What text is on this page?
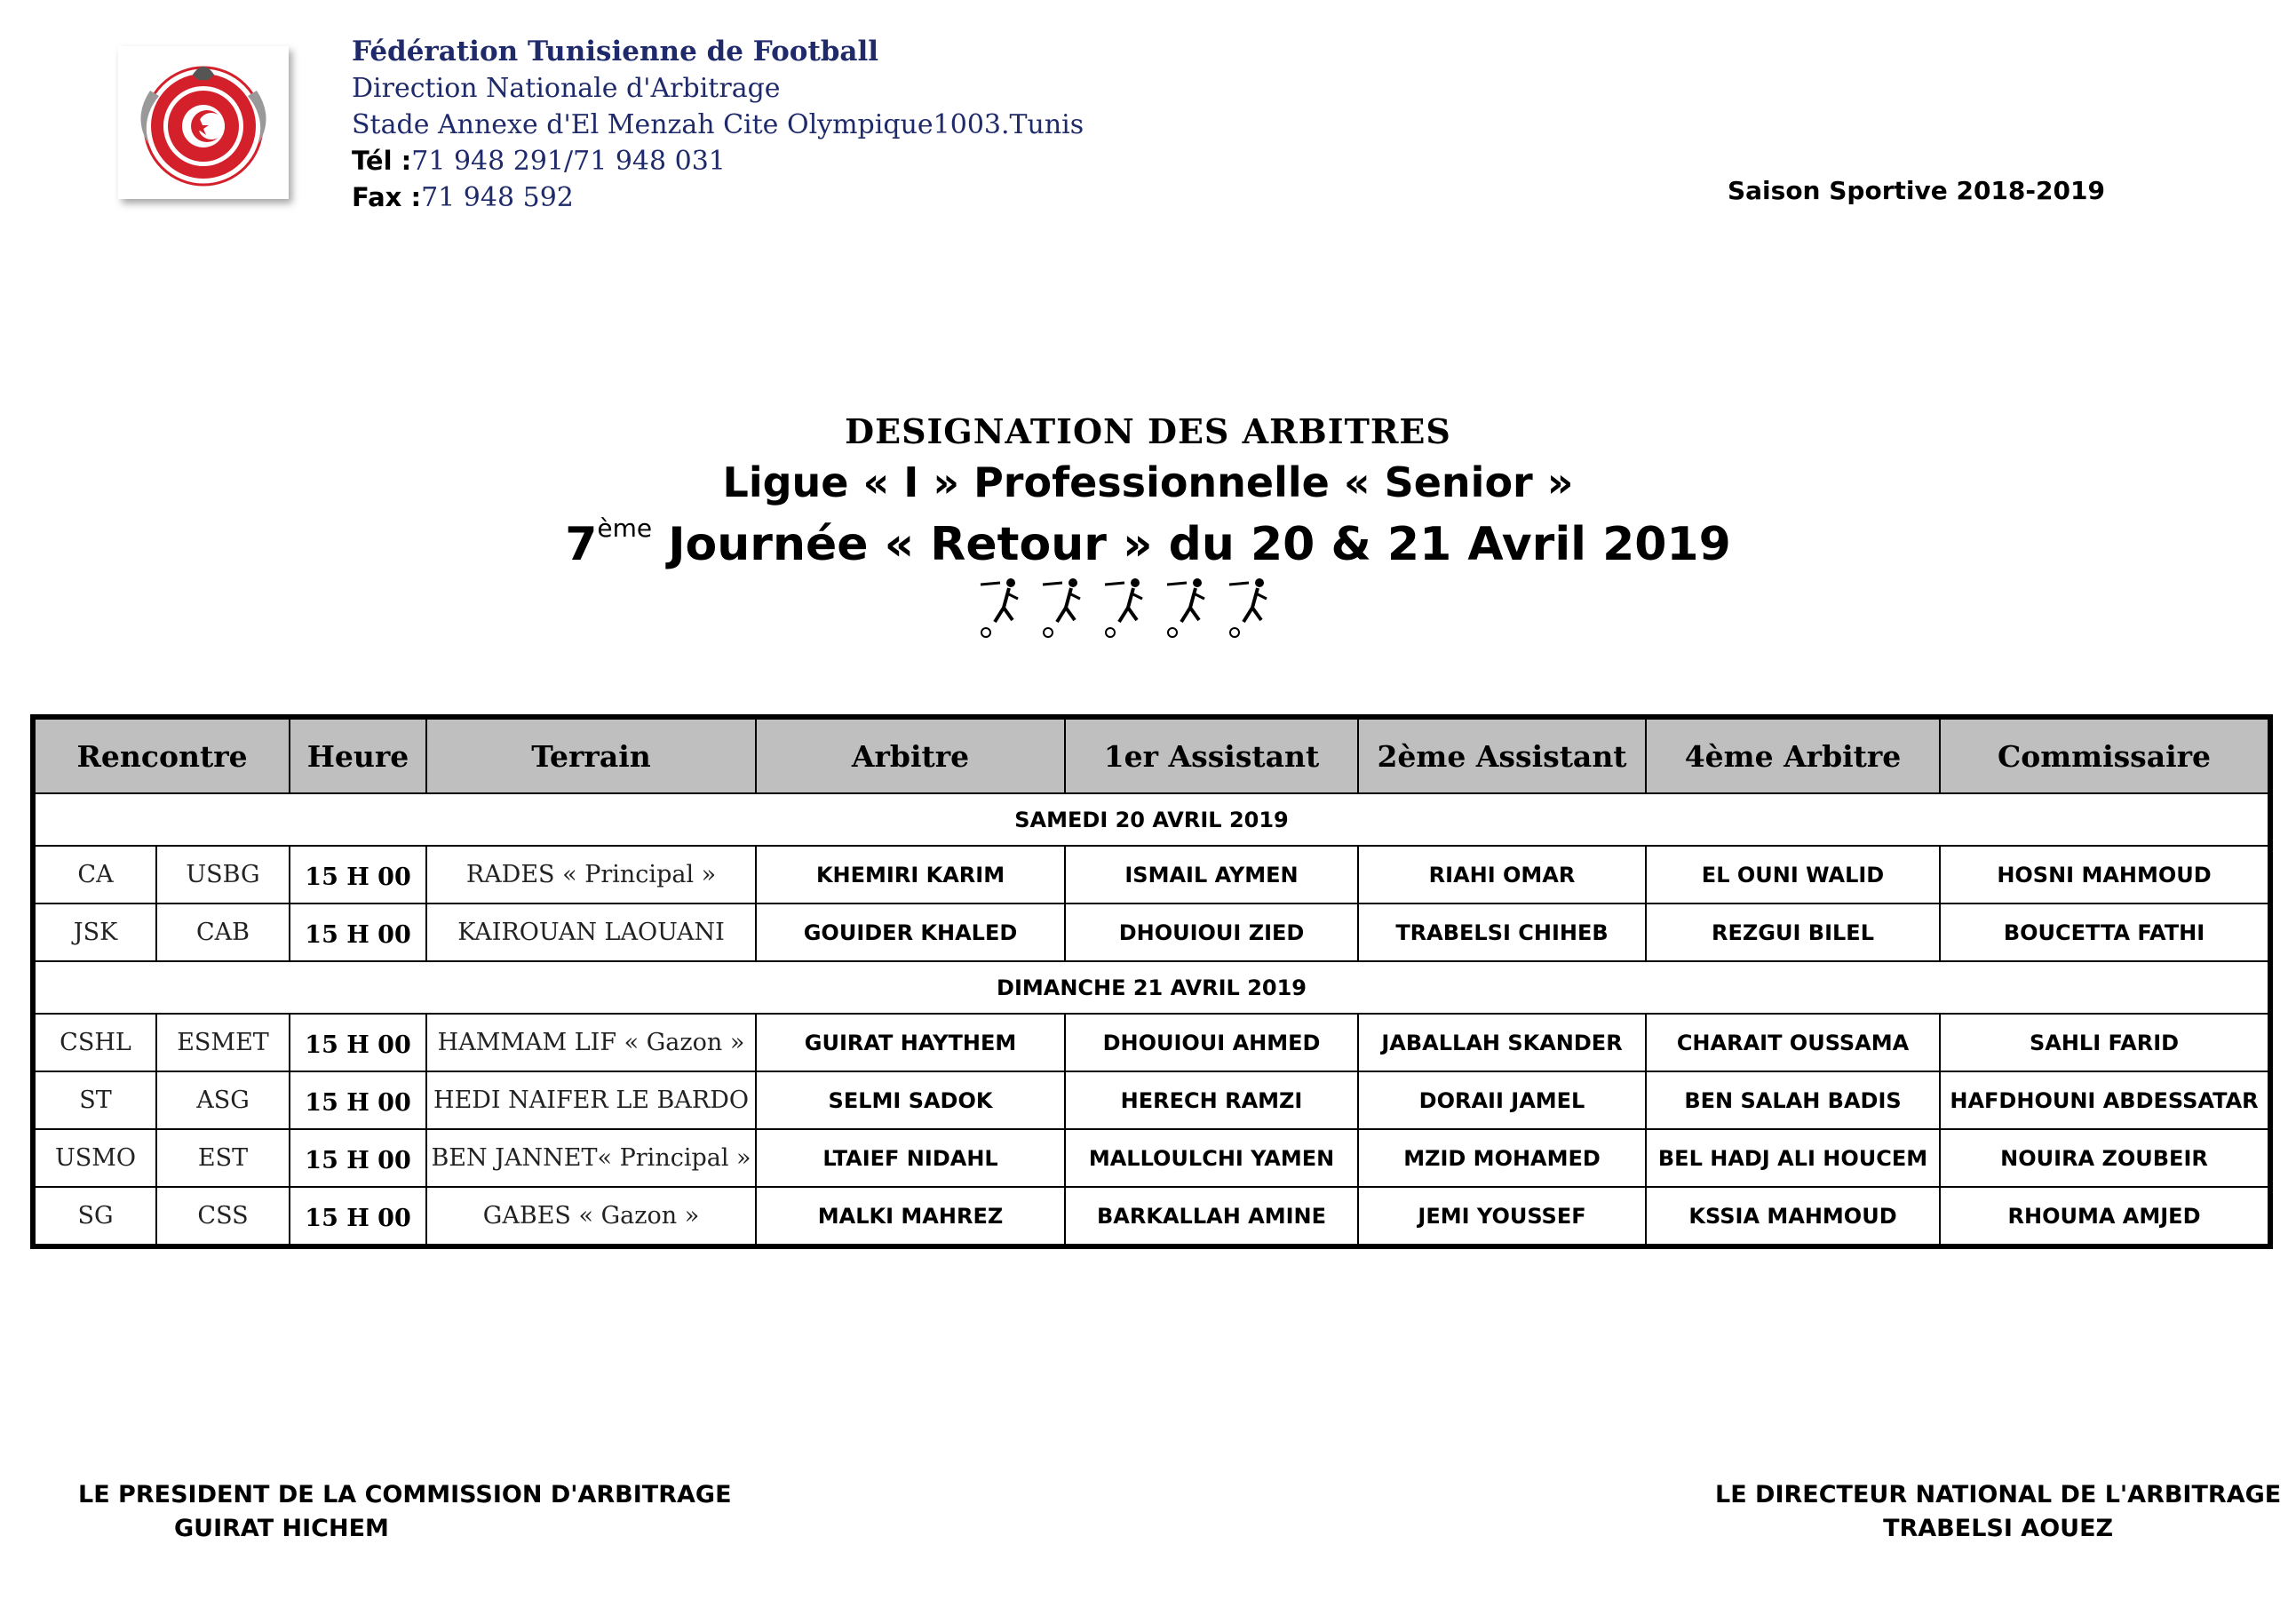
Fédération Tunisienne de Football
Direction Nationale d'Arbitrage
Stade Annexe d'El Menzah Cite Olympique1003.Tunis
Tél :71 948 291/71 948 031
Fax :71 948 592	Saison Sportive 2018-2019
DESIGNATION DES ARBITRES
Ligue « I » Professionnelle « Senior »
7ème Journée « Retour » du 20 & 21 Avril 2019
Rencontre		Heure	Terrain	Arbitre	1er Assistant	2ème Assistant	4ème Arbitre	Commissaire
SAMEDI 20 AVRIL 2019								
CA	USBG	15 H 00	RADES « Principal »	KHEMIRI KARIM	ISMAIL AYMEN	RIAHI OMAR	EL OUNI WALID	HOSNI MAHMOUD
JSK	CAB	15 H 00	KAIROUAN LAOUANI	GOUIDER KHALED	DHOUIOUI ZIED	TRABELSI CHIHEB	REZGUI BILEL	BOUCETTA FATHI
DIMANCHE 21 AVRIL 2019								
CSHL	ESMET	15 H 00	HAMMAM LIF « Gazon »	GUIRAT HAYTHEM	DHOUIOUI AHMED	JABALLAH SKANDER	CHARAIT OUSSAMA	SAHLI FARID
ST	ASG	15 H 00	HEDI NAIFER LE BARDO	SELMI SADOK	HERECH RAMZI	DORAII JAMEL	BEN SALAH BADIS	HAFDHOUNI ABDESSATAR
USMO	EST	15 H 00	BEN JANNET« Principal »	LTAIEF NIDAHL	MALLOULCHI YAMEN	MZID MOHAMED	BEL HADJ ALI HOUCEM	NOUIRA ZOUBEIR
SG	CSS	15 H 00	GABES « Gazon »	MALKI MAHREZ	BARKALLAH AMINE	JEMI YOUSSEF	KSSIA MAHMOUD	RHOUMA AMJED
LE PRESIDENT DE LA COMMISSION D'ARBITRAGE
GUIRAT HICHEM
LE DIRECTEUR NATIONAL DE L'ARBITRAGE
TRABELSI AOUEZ
